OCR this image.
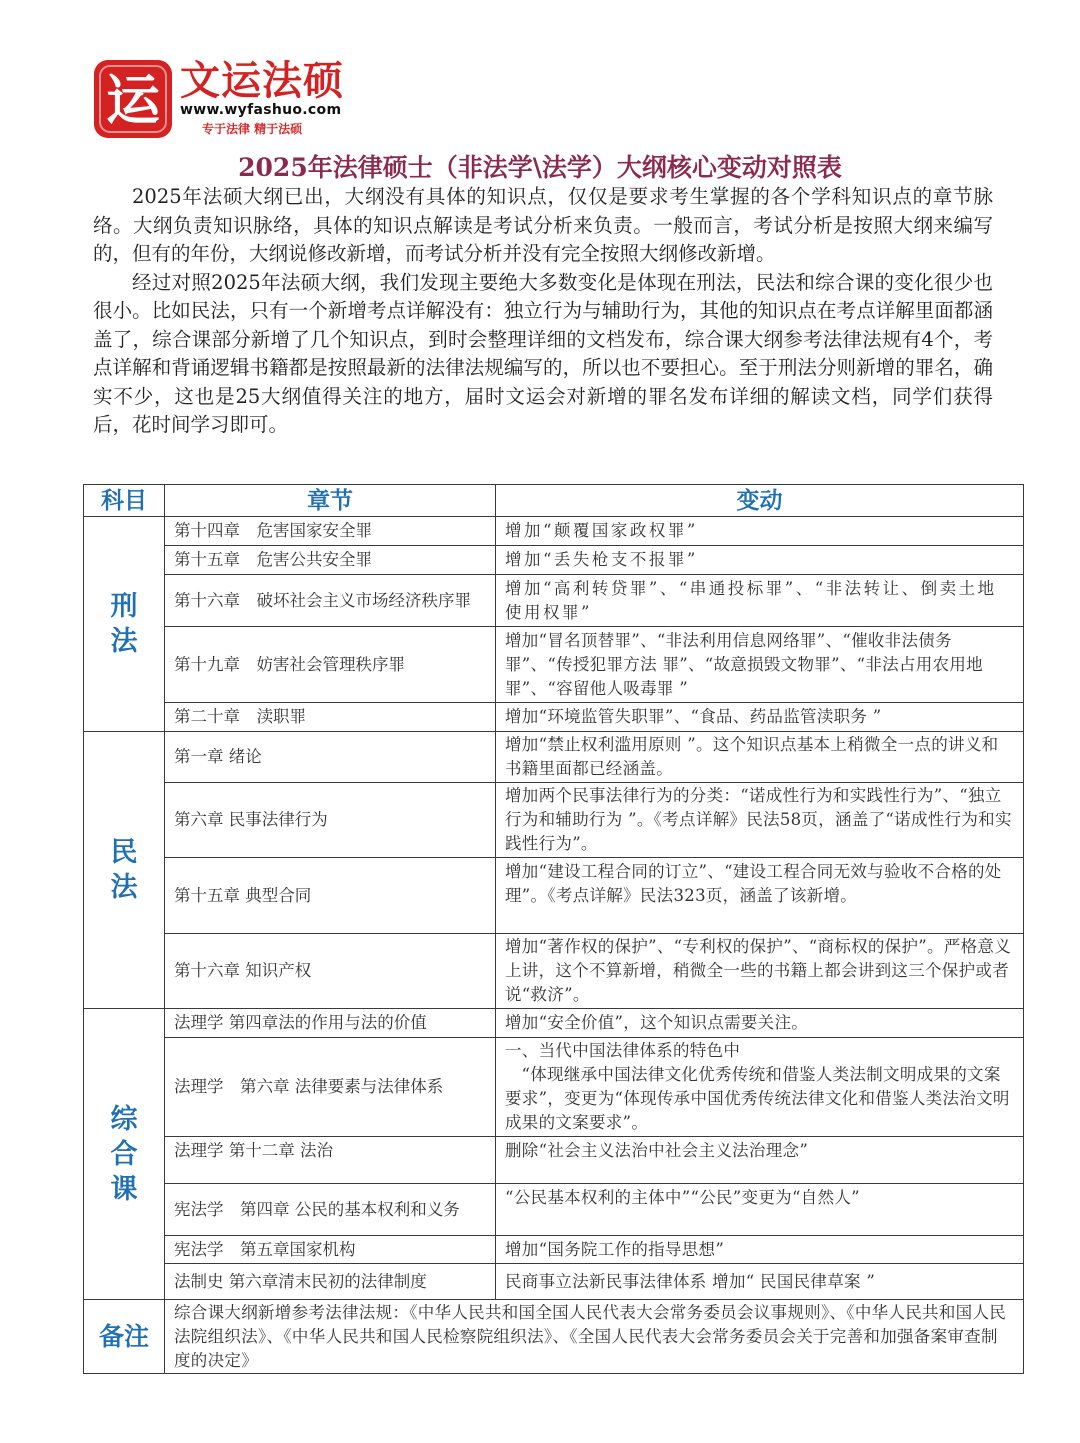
运 文运法硕
www.wyfashuo.com
专于法律 精于法硕
2025年法律硕士（非法学\法学）大纲核心变动对照表

2025年法硕大纲已出，大纲没有具体的知识点，仅仅是要求考生掌握的各个学科知识点的章节脉络。大纲负责知识脉络，具体的知识点解读是考试分析来负责。一般而言，考试分析是按照大纲来编写的，但有的年份，大纲说修改新增，而考试分析并没有完全按照大纲修改新增。

经过对照2025年法硕大纲，我们发现主要绝大多数变化是体现在刑法，民法和综合课的变化很少也很小。比如民法，只有一个新增考点详解没有：独立行为与辅助行为，其他的知识点在考点详解里面都涵盖了，综合课部分新增了几个知识点，到时会整理详细的文档发布，综合课大纲参考法律法规有4个，考点详解和背诵逻辑书籍都是按照最新的法律法规编写的，所以也不要担心。至于刑法分则新增的罪名，确实不少，这也是25大纲值得关注的地方，届时文运会对新增的罪名发布详细的解读文档，同学们获得后，花时间学习即可。

科目	章节	变动

刑
法	第十四章　危害国家安全罪	增加“颠覆国家政权罪”
	第十五章　危害公共安全罪	增加“丢失枪支不报罪”
	第十六章　破坏社会主义市场经济秩序罪	增加“高利转贷罪”、“串通投标罪”、“非法转让、倒卖土地使用权罪”
	第十九章　妨害社会管理秩序罪	增加“冒名顶替罪”、“非法利用信息网络罪”、“催收非法债务罪”、“传授犯罪方法 罪”、“故意损毁文物罪”、“非法占用农用地罪”、“容留他人吸毒罪 ”
	第二十章　渎职罪	增加“环境监管失职罪”、“食品、药品监管渎职务 ”

民
法	第一章 绪论	增加“禁止权利滥用原则 ”。这个知识点基本上稍微全一点的讲义和书籍里面都已经涵盖。
	第六章 民事法律行为	增加两个民事法律行为的分类：“诺成性行为和实践性行为”、“独立行为和辅助行为 ”。《考点详解》民法58页，涵盖了“诺成性行为和实践性行为”。
	第十五章 典型合同	增加“建设工程合同的订立”、“建设工程合同无效与验收不合格的处理”。《考点详解》民法323页，涵盖了该新增。
	第十六章 知识产权	增加“著作权的保护”、“专利权的保护”、“商标权的保护”。严格意义上讲，这个不算新增，稍微全一些的书籍上都会讲到这三个保护或者说“救济”。

综
合
课	法理学 第四章法的作用与法的价值	增加“安全价值”，这个知识点需要关注。
	法理学　第六章 法律要素与法律体系	一、当代中国法律体系的特色中
“体现继承中国法律文化优秀传统和借鉴人类法制文明成果的文案要求”，变更为“体现传承中国优秀传统法律文化和借鉴人类法治文明成果的文案要求”。

	法理学 第十二章 法治	删除“社会主义法治中社会主义法治理念”
	宪法学　第四章 公民的基本权利和义务	“公民基本权利的主体中”“公民”变更为“自然人”
	宪法学　第五章国家机构	增加“国务院工作的指导思想”
	法制史 第六章清末民初的法律制度	民商事立法新民事法律体系 增加“ 民国民律草案 ”
备注	综合课大纲新增参考法律法规：《中华人民共和国全国人民代表大会常务委员会议事规则》、《中华人民共和国人民法院组织法》、《中华人民共和国人民检察院组织法》、《全国人民代表大会常务委员会关于完善和加强备案审查制度的决定》	
